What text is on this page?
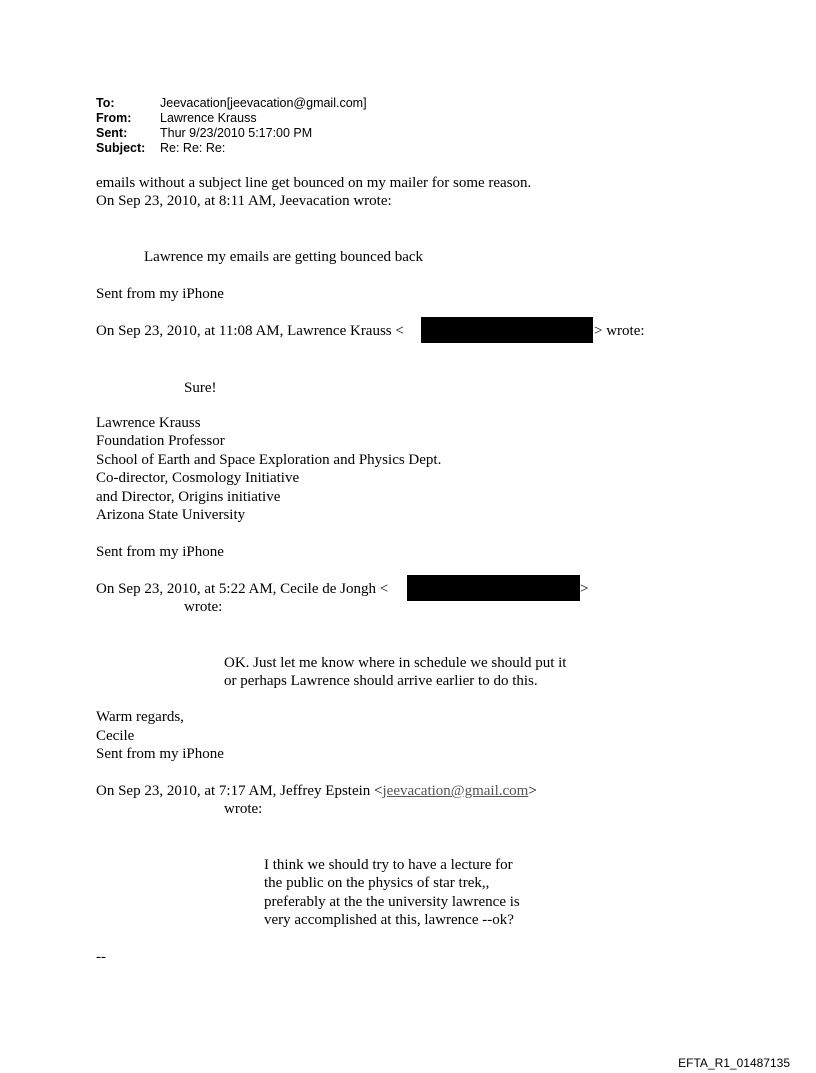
To:	Jeevacation[jeevacation@gmail.com]
From:	Lawrence Krauss
Sent:	Thur 9/23/2010 5:17:00 PM
Subject:	Re: Re: Re:
emails without a subject line get bounced on my mailer for some reason.
On Sep 23, 2010, at 8:11 AM, Jeevacation wrote:
Lawrence my emails are getting bounced back
Sent from my iPhone
On Sep 23, 2010, at 11:08 AM, Lawrence Krauss <	> wrote:
Sure!
Lawrence Krauss
Foundation Professor
School of Earth and Space Exploration and Physics Dept.
Co-director, Cosmology Initiative
and Director, Origins initiative
Arizona State University
Sent from my iPhone
On Sep 23, 2010, at 5:22 AM, Cecile de Jongh <	>
wrote:
OK. Just let me know where in schedule we should put it
or perhaps Lawrence should arrive earlier to do this.
Warm regards,
Cecile
Sent from my iPhone
On Sep 23, 2010, at 7:17 AM, Jeffrey Epstein <jeevacation@gmail.com>
wrote:
I think we should try to have a lecture for
the public on the physics of star trek,,
preferably at the the university lawrence is
very accomplished at this, lawrence --ok?
--
EFTA_R1_01487135
